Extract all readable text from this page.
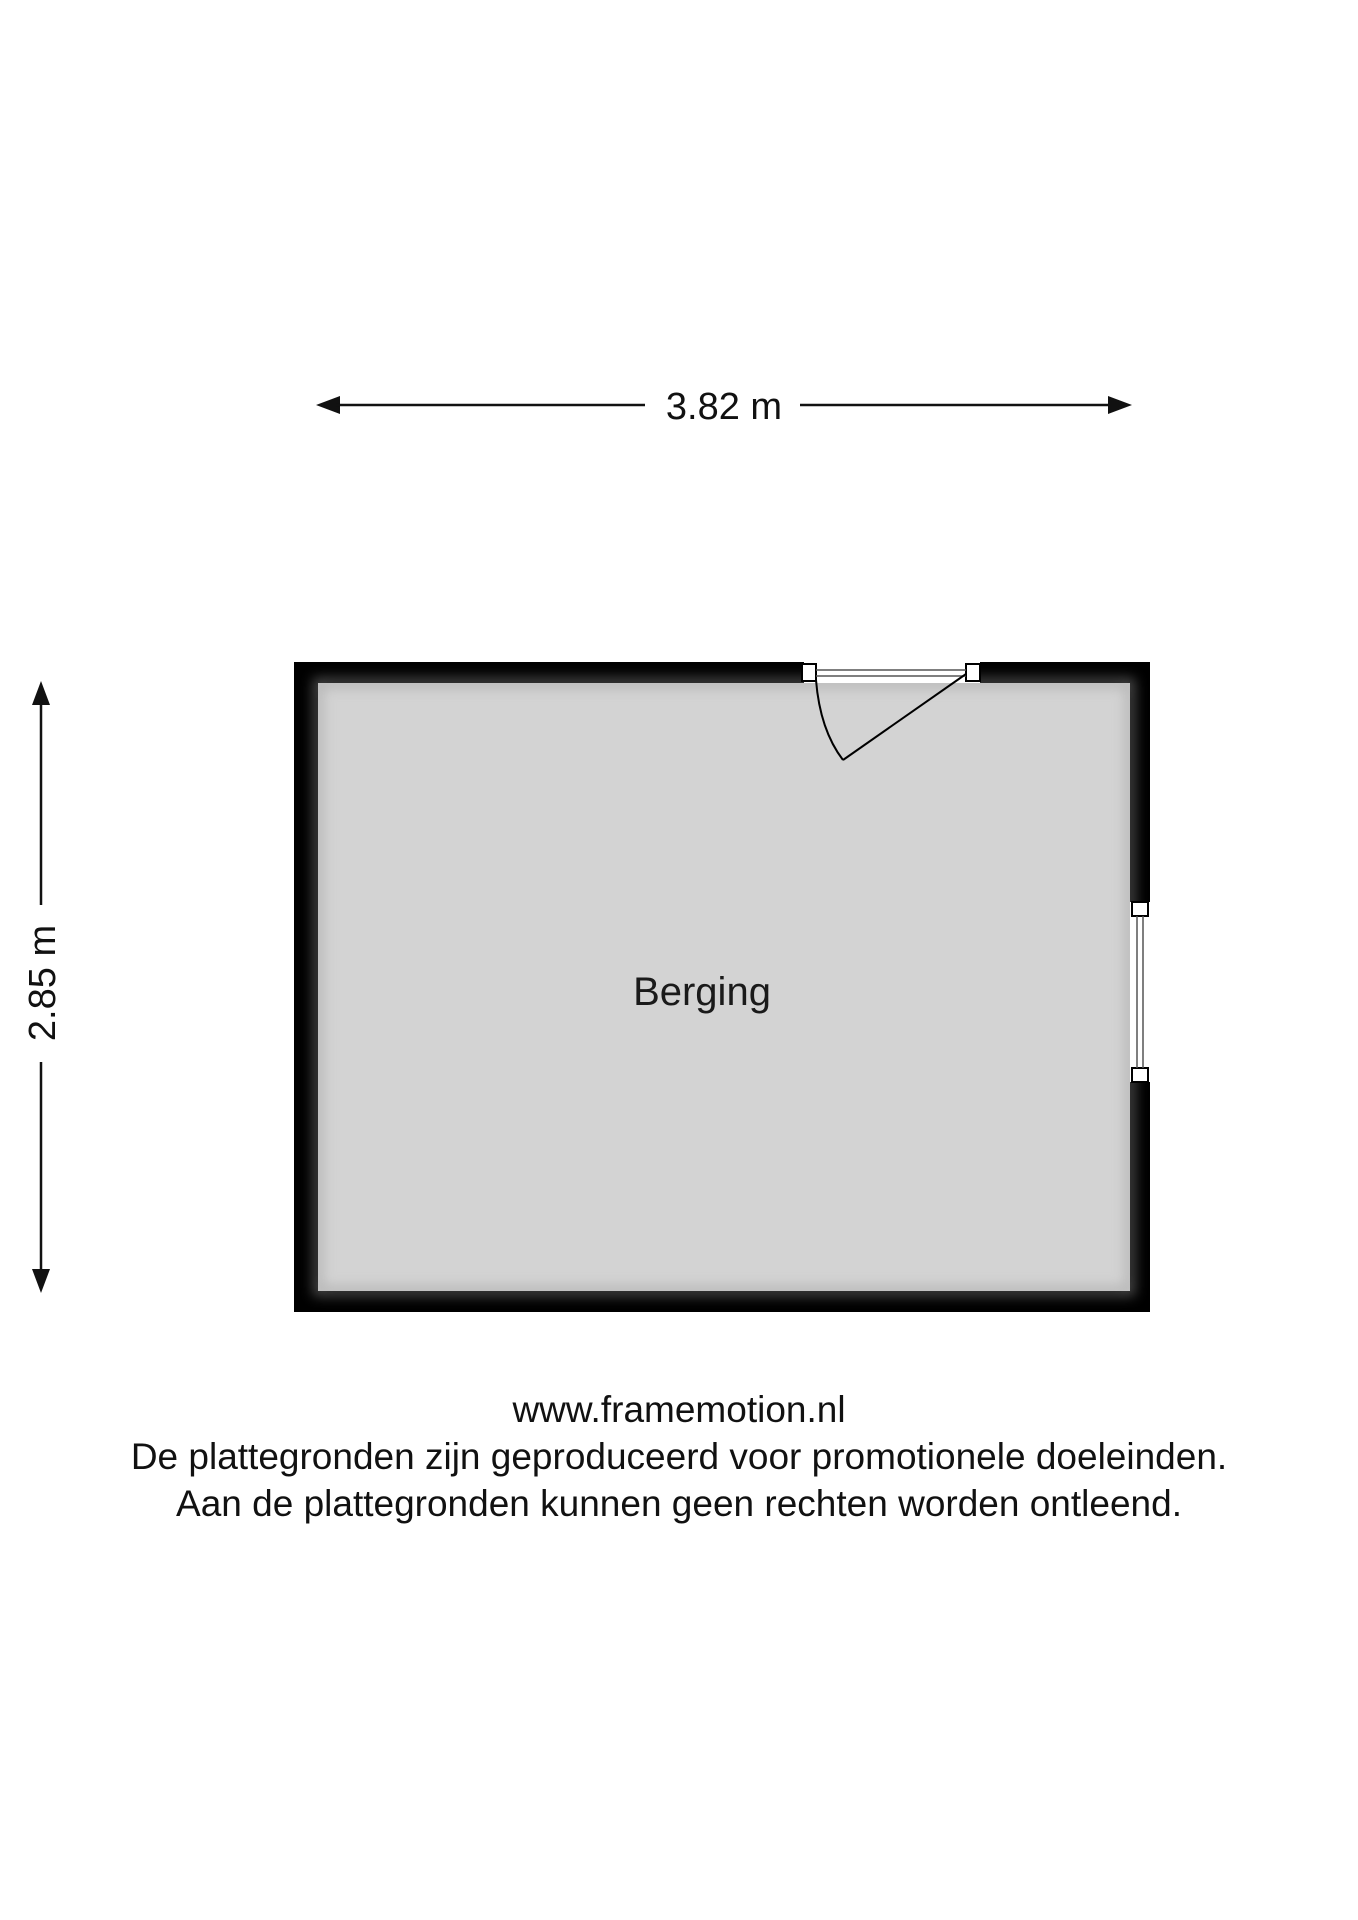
3.82 m
2.85 m	Berging
www.framemotion.nl
De plattegronden zijn geproduceerd voor promotionele doeleinden.
Aan de plattegronden kunnen geen rechten worden ontleend.
